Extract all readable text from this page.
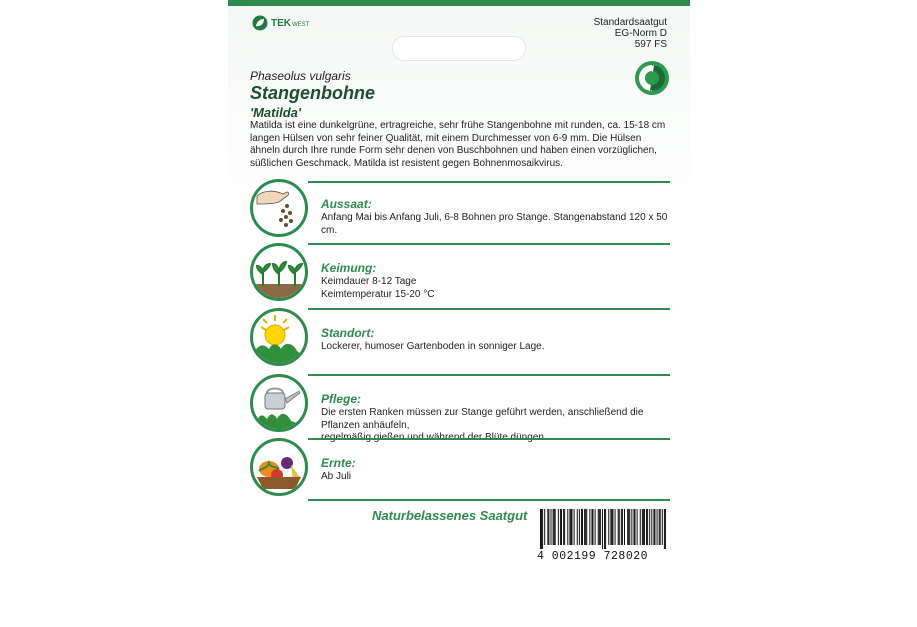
TEKWEST	Standardsaatgut
EG-Norm D
597 FS
Phaseolus vulgaris
Stangenbohne
'Matilda'
Matilda ist eine dunkelgrüne, ertragreiche, sehr frühe Stangenbohne mit runden, ca. 15-18 cm langen Hülsen von sehr feiner Qualität, mit einem Durchmesser von 6-9 mm. Die Hülsen ähneln durch Ihre runde Form sehr denen von Buschbohnen und haben einen vorzüglichen, süßlichen Geschmack. Matilda ist resistent gegen Bohnenmosaikvirus.
Aussaat:
Anfang Mai bis Anfang Juli, 6-8 Bohnen pro Stange. Stangenabstand 120 x 50 cm.
Keimung:
Keimdauer 8-12 Tage
Keimtemperatur 15-20 °C
Standort:
Lockerer, humoser Gartenboden in sonniger Lage.
Pflege:
Die ersten Ranken müssen zur Stange geführt werden, anschließend die Pflanzen anhäufeln,
Ernte:
Ab Juli
Naturbelassenes Saatgut
4 002199 728020
